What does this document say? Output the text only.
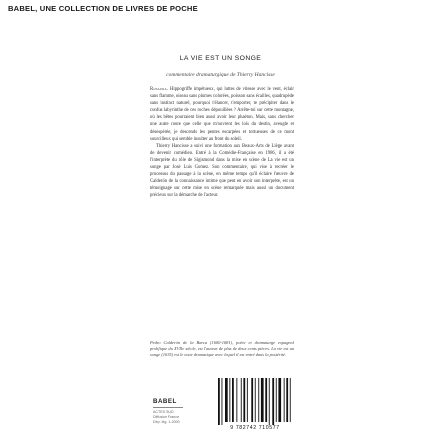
BABEL, UNE COLLECTION DE LIVRES DE POCHE
LA VIE EST UN SONGE
commentaire dramaturgique de Thierry Hancisse

Rosaura. Hippogriffe impétueux, qui luttes de vitesse avec le vent, éclair sans flamme, oiseau sans plumes colorées, poisson sans écailles, quadrupède sans instinct naturel, pourquoi t'élancer, t'emporter, te précipiter dans le confus labyrinthe de ces roches dépouillées ? Arrête-toi sur cette montagne, où les bêtes pourraient bien aussi avoir leur phaéton. Mais, sans chercher une autre route que celle que m'ouvrent les lois du destin, aveugle et désespérée, je descends les pentes escarpées et tortueuses de ce mont sourcilleux qui semble insulter au front du soleil.

Thierry Hancisse a suivi une formation aux Beaux-Arts de Liège avant de devenir comédien. Entré à la Comédie-Française en 1986, il a été l'interprète du rôle de Sigismond dans la mise en scène de La vie est un songe par José Luis Gomez. Son commentaire, qui vise à recréer le processus du passage à la scène, en même temps qu'il éclaire l'œuvre de Calderón de la connaissance intime que peut en avoir son interprète, est un témoignage sur cette mise en scène remarquée mais aussi un document précieux sur la démarche de l'acteur.

Pedro Calderón de la Barca (1600-1681), poète et dramaturge espagnol prolifique du XVIIe siècle, est l'auteur de plus de deux cents pièces. La vie est un songe (1635) est le texte dramatique avec lequel il est entré dans la postérité.
BABEL
ACTES SUD
Diffusion France
Dép. lég. 1-2000
9 782742 710577
